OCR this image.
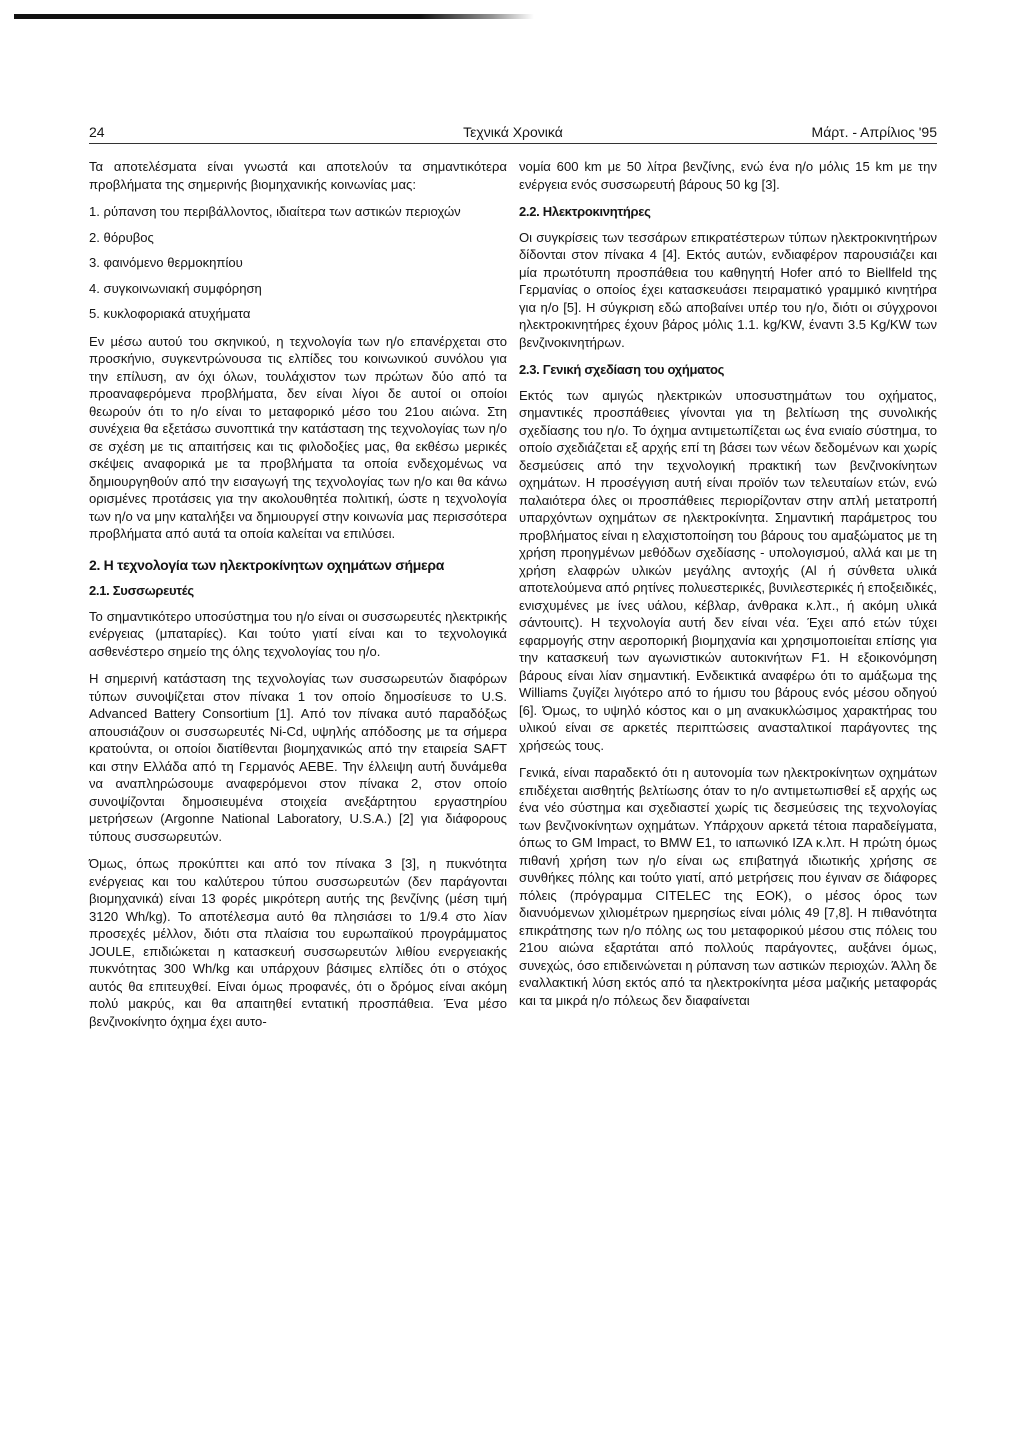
24	Τεχνικά Χρονικά	Μάρτ. - Απρίλιος '95

Τα αποτελέσματα είναι γνωστά και αποτελούν τα σημαντικότερα προβλήματα της σημερινής βιομηχανικής κοινωνίας μας:

1. ρύπανση του περιβάλλοντος, ιδιαίτερα των αστικών περιοχών
2. θόρυβος
3. φαινόμενο θερμοκηπίου
4. συγκοινωνιακή συμφόρηση
5. κυκλοφοριακά ατυχήματα

Εν μέσω αυτού του σκηνικού, η τεχνολογία των η/ο επανέρχεται στο προσκήνιο, συγκεντρώνουσα τις ελπίδες του κοινωνικού συνόλου για την επίλυση, αν όχι όλων, τουλάχιστον των πρώτων δύο από τα προαναφερόμενα προβλήματα, δεν είναι λίγοι δε αυτοί οι οποίοι θεωρούν ότι το η/ο είναι το μεταφορικό μέσο του 21ου αιώνα. Στη συνέχεια θα εξετάσω συνοπτικά την κατάσταση της τεχνολογίας των η/ο σε σχέση με τις απαιτήσεις και τις φιλοδοξίες μας, θα εκθέσω μερικές σκέψεις αναφορικά με τα προβλήματα τα οποία ενδεχομένως να δημιουργηθούν από την εισαγωγή της τεχνολογίας των η/ο και θα κάνω ορισμένες προτάσεις για την ακολουθητέα πολιτική, ώστε η τεχνολογία των η/ο να μην καταλήξει να δημιουργεί στην κοινωνία μας περισσότερα προβλήματα από αυτά τα οποία καλείται να επιλύσει.

2. Η τεχνολογία των ηλεκτροκίνητων οχημάτων σήμερα
2.1. Συσσωρευτές

Το σημαντικότερο υποσύστημα του η/ο είναι οι συσσωρευτές ηλεκτρικής ενέργειας (μπαταρίες). Και τούτο γιατί είναι και το τεχνολογικά ασθενέστερο σημείο της όλης τεχνολογίας του η/ο.

Η σημερινή κατάσταση της τεχνολογίας των συσσωρευτών διαφόρων τύπων συνοψίζεται στον πίνακα 1 τον οποίο δημοσίευσε το U.S. Advanced Battery Consortium [1]. Από τον πίνακα αυτό παραδόξως απουσιάζουν οι συσσωρευτές Ni-Cd, υψηλής απόδοσης με τα σήμερα κρατούντα, οι οποίοι διατίθενται βιομηχανικώς από την εταιρεία SAFT και στην Ελλάδα από τη Γερμανός ΑΕΒΕ. Την έλλειψη αυτή δυνάμεθα να αναπληρώσουμε αναφερόμενοι στον πίνακα 2, στον οποίο συνοψίζονται δημοσιευμένα στοιχεία ανεξάρτητου εργαστηρίου μετρήσεων (Argonne National Laboratory, U.S.A.) [2] για διάφορους τύπους συσσωρευτών.

Όμως, όπως προκύπτει και από τον πίνακα 3 [3], η πυκνότητα ενέργειας και του καλύτερου τύπου συσσωρευτών (δεν παράγονται βιομηχανικά) είναι 13 φορές μικρότερη αυτής της βενζίνης (μέση τιμή 3120 Wh/kg). Το αποτέλεσμα αυτό θα πλησιάσει το 1/9.4 στο λίαν προσεχές μέλλον, διότι στα πλαίσια του ευρωπαϊκού προγράμματος JOULE, επιδιώκεται η κατασκευή συσσωρευτών λιθίου ενεργειακής πυκνότητας 300 Wh/kg και υπάρχουν βάσιμες ελπίδες ότι ο στόχος αυτός θα επιτευχθεί. Είναι όμως προφανές, ότι ο δρόμος είναι ακόμη πολύ μακρύς, και θα απαιτηθεί εντατική προσπάθεια. Ένα μέσο βενζινοκίνητο όχημα έχει αυτο-

νομία 600 km με 50 λίτρα βενζίνης, ενώ ένα η/ο μόλις 15 km με την ενέργεια ενός συσσωρευτή βάρους 50 kg [3].

2.2. Ηλεκτροκινητήρες

Οι συγκρίσεις των τεσσάρων επικρατέστερων τύπων ηλεκτροκινητήρων δίδονται στον πίνακα 4 [4]. Εκτός αυτών, ενδιαφέρον παρουσιάζει και μία πρωτότυπη προσπάθεια του καθηγητή Hofer από το Biellfeld της Γερμανίας ο οποίος έχει κατασκευάσει πειραματικό γραμμικό κινητήρα για η/ο [5]. Η σύγκριση εδώ αποβαίνει υπέρ του η/ο, διότι οι σύγχρονοι ηλεκτροκινητήρες έχουν βάρος μόλις 1.1. kg/KW, έναντι 3.5 Kg/KW των βενζινοκινητήρων.

2.3. Γενική σχεδίαση του οχήματος

Εκτός των αμιγώς ηλεκτρικών υποσυστημάτων του οχήματος, σημαντικές προσπάθειες γίνονται για τη βελτίωση της συνολικής σχεδίασης του η/ο. Το όχημα αντιμετωπίζεται ως ένα ενιαίο σύστημα, το οποίο σχεδιάζεται εξ αρχής επί τη βάσει των νέων δεδομένων και χωρίς δεσμεύσεις από την τεχνολογική πρακτική των βενζινοκίνητων οχημάτων. Η προσέγγιση αυτή είναι προϊόν των τελευταίων ετών, ενώ παλαιότερα όλες οι προσπάθειες περιορίζονταν στην απλή μετατροπή υπαρχόντων οχημάτων σε ηλεκτροκίνητα. Σημαντική παράμετρος του προβλήματος είναι η ελαχιστοποίηση του βάρους του αμαξώματος με τη χρήση προηγμένων μεθόδων σχεδίασης - υπολογισμού, αλλά και με τη χρήση ελαφρών υλικών μεγάλης αντοχής (Al ή σύνθετα υλικά αποτελούμενα από ρητίνες πολυεστερικές, βυνιλεστερικές ή εποξειδικές, ενισχυμένες με ίνες υάλου, κέβλαρ, άνθρακα κ.λπ., ή ακόμη υλικά σάντουιτς). Η τεχνολογία αυτή δεν είναι νέα. Έχει από ετών τύχει εφαρμογής στην αεροπορική βιομηχανία και χρησιμοποιείται επίσης για την κατασκευή των αγωνιστικών αυτοκινήτων F1. Η εξοικονόμηση βάρους είναι λίαν σημαντική. Ενδεικτικά αναφέρω ότι το αμάξωμα της Williams ζυγίζει λιγότερο από το ήμισυ του βάρους ενός μέσου οδηγού [6]. Όμως, το υψηλό κόστος και ο μη ανακυκλώσιμος χαρακτήρας του υλικού είναι σε αρκετές περιπτώσεις ανασταλτικοί παράγοντες της χρήσεώς τους.

Γενικά, είναι παραδεκτό ότι η αυτονομία των ηλεκτροκίνητων οχημάτων επιδέχεται αισθητής βελτίωσης όταν το η/ο αντιμετωπισθεί εξ αρχής ως ένα νέο σύστημα και σχεδιαστεί χωρίς τις δεσμεύσεις της τεχνολογίας των βενζινοκίνητων οχημάτων. Υπάρχουν αρκετά τέτοια παραδείγματα, όπως το GM Impact, το BMW E1, το ιαπωνικό IZA κ.λπ. Η πρώτη όμως πιθανή χρήση των η/ο είναι ως επιβατηγά ιδιωτικής χρήσης σε συνθήκες πόλης και τούτο γιατί, από μετρήσεις που έγιναν σε διάφορες πόλεις (πρόγραμμα CITELEC της ΕΟΚ), ο μέσος όρος των διανυόμενων χιλιομέτρων ημερησίως είναι μόλις 49 [7,8]. Η πιθανότητα επικράτησης των η/ο πόλης ως του μεταφορικού μέσου στις πόλεις του 21ου αιώνα εξαρτάται από πολλούς παράγοντες, αυξάνει όμως, συνεχώς, όσο επιδεινώνεται η ρύπανση των αστικών περιοχών. Άλλη δε εναλλακτική λύση εκτός από τα ηλεκτροκίνητα μέσα μαζικής μεταφοράς και τα μικρά η/ο πόλεως δεν διαφαίνεται
